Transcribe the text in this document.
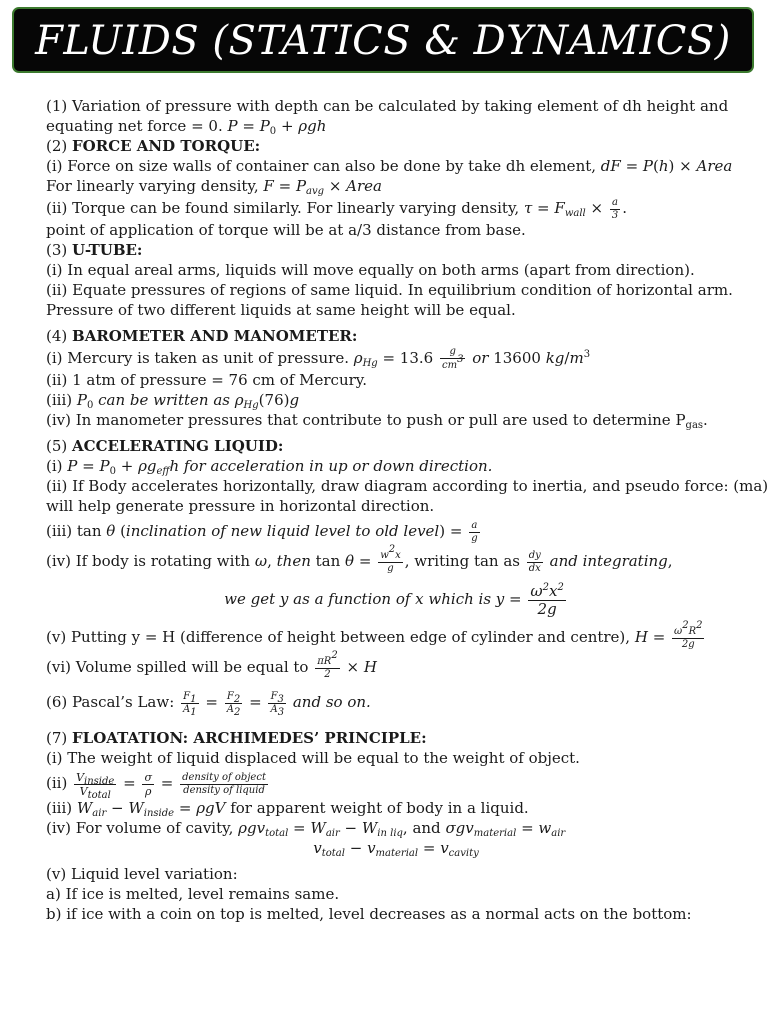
FLUIDS (STATICS & DYNAMICS)
(1) Variation of pressure with depth can be calculated by taking element of dh height and
equating net force = 0. $P = P_0 + \rho gh$
(2) FORCE AND TORQUE:
(i) Force on size walls of container can also be done by take dh element, dF = P(h) × Area
For linearly varying density, $F = P_{avg}$ × Area
(ii) Torque can be found similarly. For linearly varying density, $\tau = F_{wall} \times \frac{a}{3}$ .
point of application of torque will be at a/3 distance from base.
(3) U-TUBE:
(i) In equal areal arms, liquids will move equally on both arms (apart from direction).
(ii) Equate pressures of regions of same liquid. In equilibrium condition of horizontal arm.
Pressure of two different liquids at same height will be equal.
(4) BAROMETER AND MANOMETER:
(i) Mercury is taken as unit of pressure. $\rho_{Hg} = 13.6 \frac{g}{cm^3}$ or 13600 $kg/m^3$
(ii) 1 atm of pressure = 76 cm of Mercury.
(iii) $P_0$ can be written as $\rho_{Hg}(76)g$
(iv) In manometer pressures that contribute to push or pull are used to determine $P_{gas}$.
(5) ACCELERATING LIQUID:
(i) $P = P_0 + \rho g_{eff}h$ for acceleration in up or down direction.
(ii) If Body accelerates horizontally, draw diagram according to inertia, and pseudo force: (ma)
will help generate pressure in horizontal direction.
(iii) tan θ (inclination of new liquid level to old level) = $\frac{a}{g}$
(iv) If body is rotating with ω, then $\tan \theta = \frac{w^2x}{g}$ , writing tan as $\frac{dy}{dx}$ and integrating,
we get y as a function of x which is $y = \frac{\omega^2x^2}{2g}$
(v) Putting y = H (difference of height between edge of cylinder and centre), $H = \frac{\omega^2R^2}{2g}$
(vi) Volume spilled will be equal to $\frac{\pi R^2}{2} \times H$
(6) Pascal’s Law: $\frac{F_1}{A_1} = \frac{F_2}{A_2} = \frac{F_3}{A_3}$ and so on.
(7) FLOATATION: ARCHIMEDES’ PRINCIPLE:
(i) The weight of liquid displaced will be equal to the weight of object.
$(ii) \frac{V_{inside}}{V_{total}} = \frac{\sigma}{\rho} = \frac{\text{density of object}}{\text{density of liquid}}$
(iii) $W_{air} - W_{inside} = \rho gV$ for apparent weight of body in a liquid.
(iv) For volume of cavity, $\rho gv_{total} = W_{air} - W_{in liq}$, and $\sigma gv_{material} = w_{air}$
$v_{total} - v_{material} = v_{cavity}$
(v) Liquid level variation:
a) If ice is melted, level remains same.
b) if ice with a coin on top is melted, level decreases as a normal acts on the bottom:
